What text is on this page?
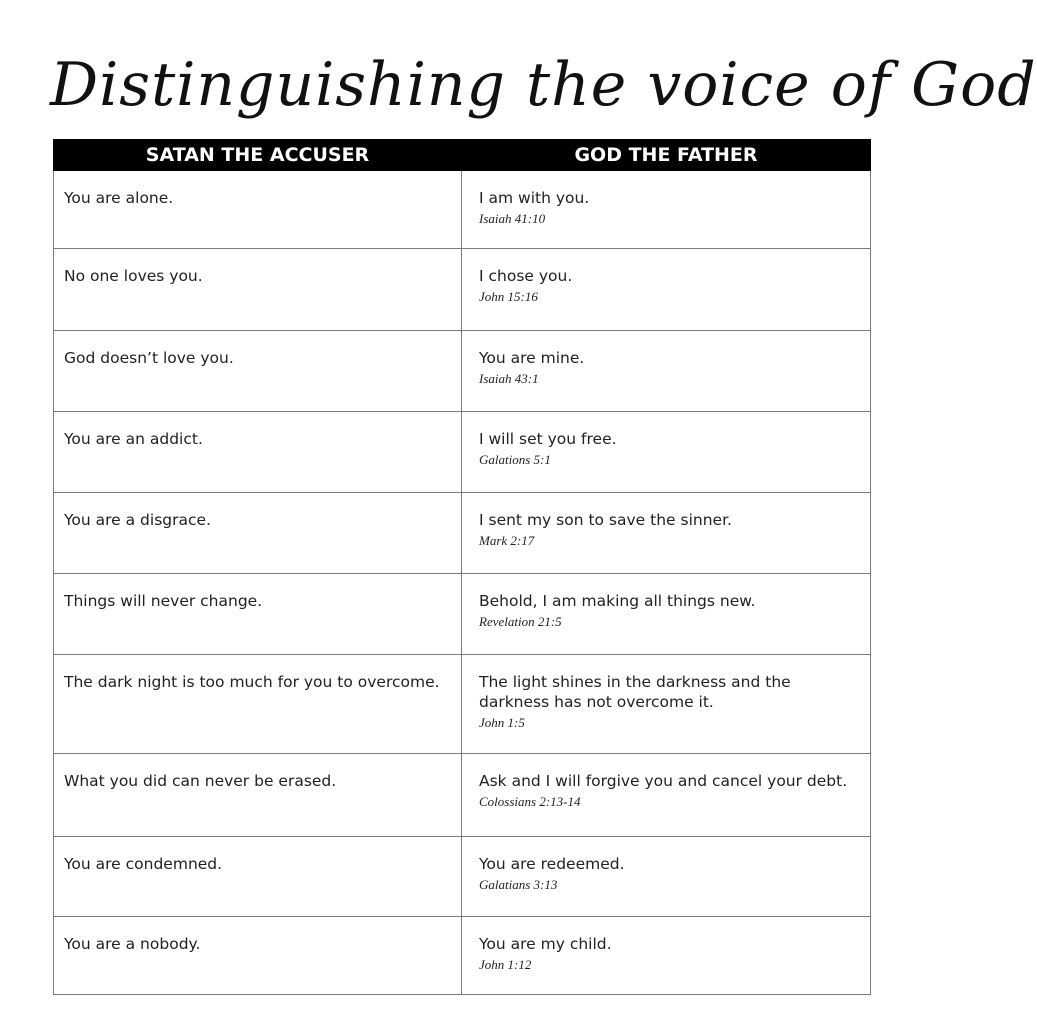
Distinguishing the voice of God
SATAN THE ACCUSER	GOD THE FATHER
You are alone.	I am with you.
Isaiah 41:10

No one loves you.	I chose you.
John 15:16

God doesn’t love you.	You are mine.
Isaiah 43:1

You are an addict.	I will set you free.
Galations 5:1

You are a disgrace.	I sent my son to save the sinner.
Mark 2:17

Things will never change.	Behold, I am making all things new.
Revelation 21:5

The dark night is too much for you to overcome.	The light shines in the darkness and the darkness has not overcome it.
John 1:5

What you did can never be erased.	Ask and I will forgive you and cancel your debt.
Colossians 2:13-14

You are condemned.	You are redeemed.
Galatians 3:13

You are a nobody.	You are my child.
John 1:12
